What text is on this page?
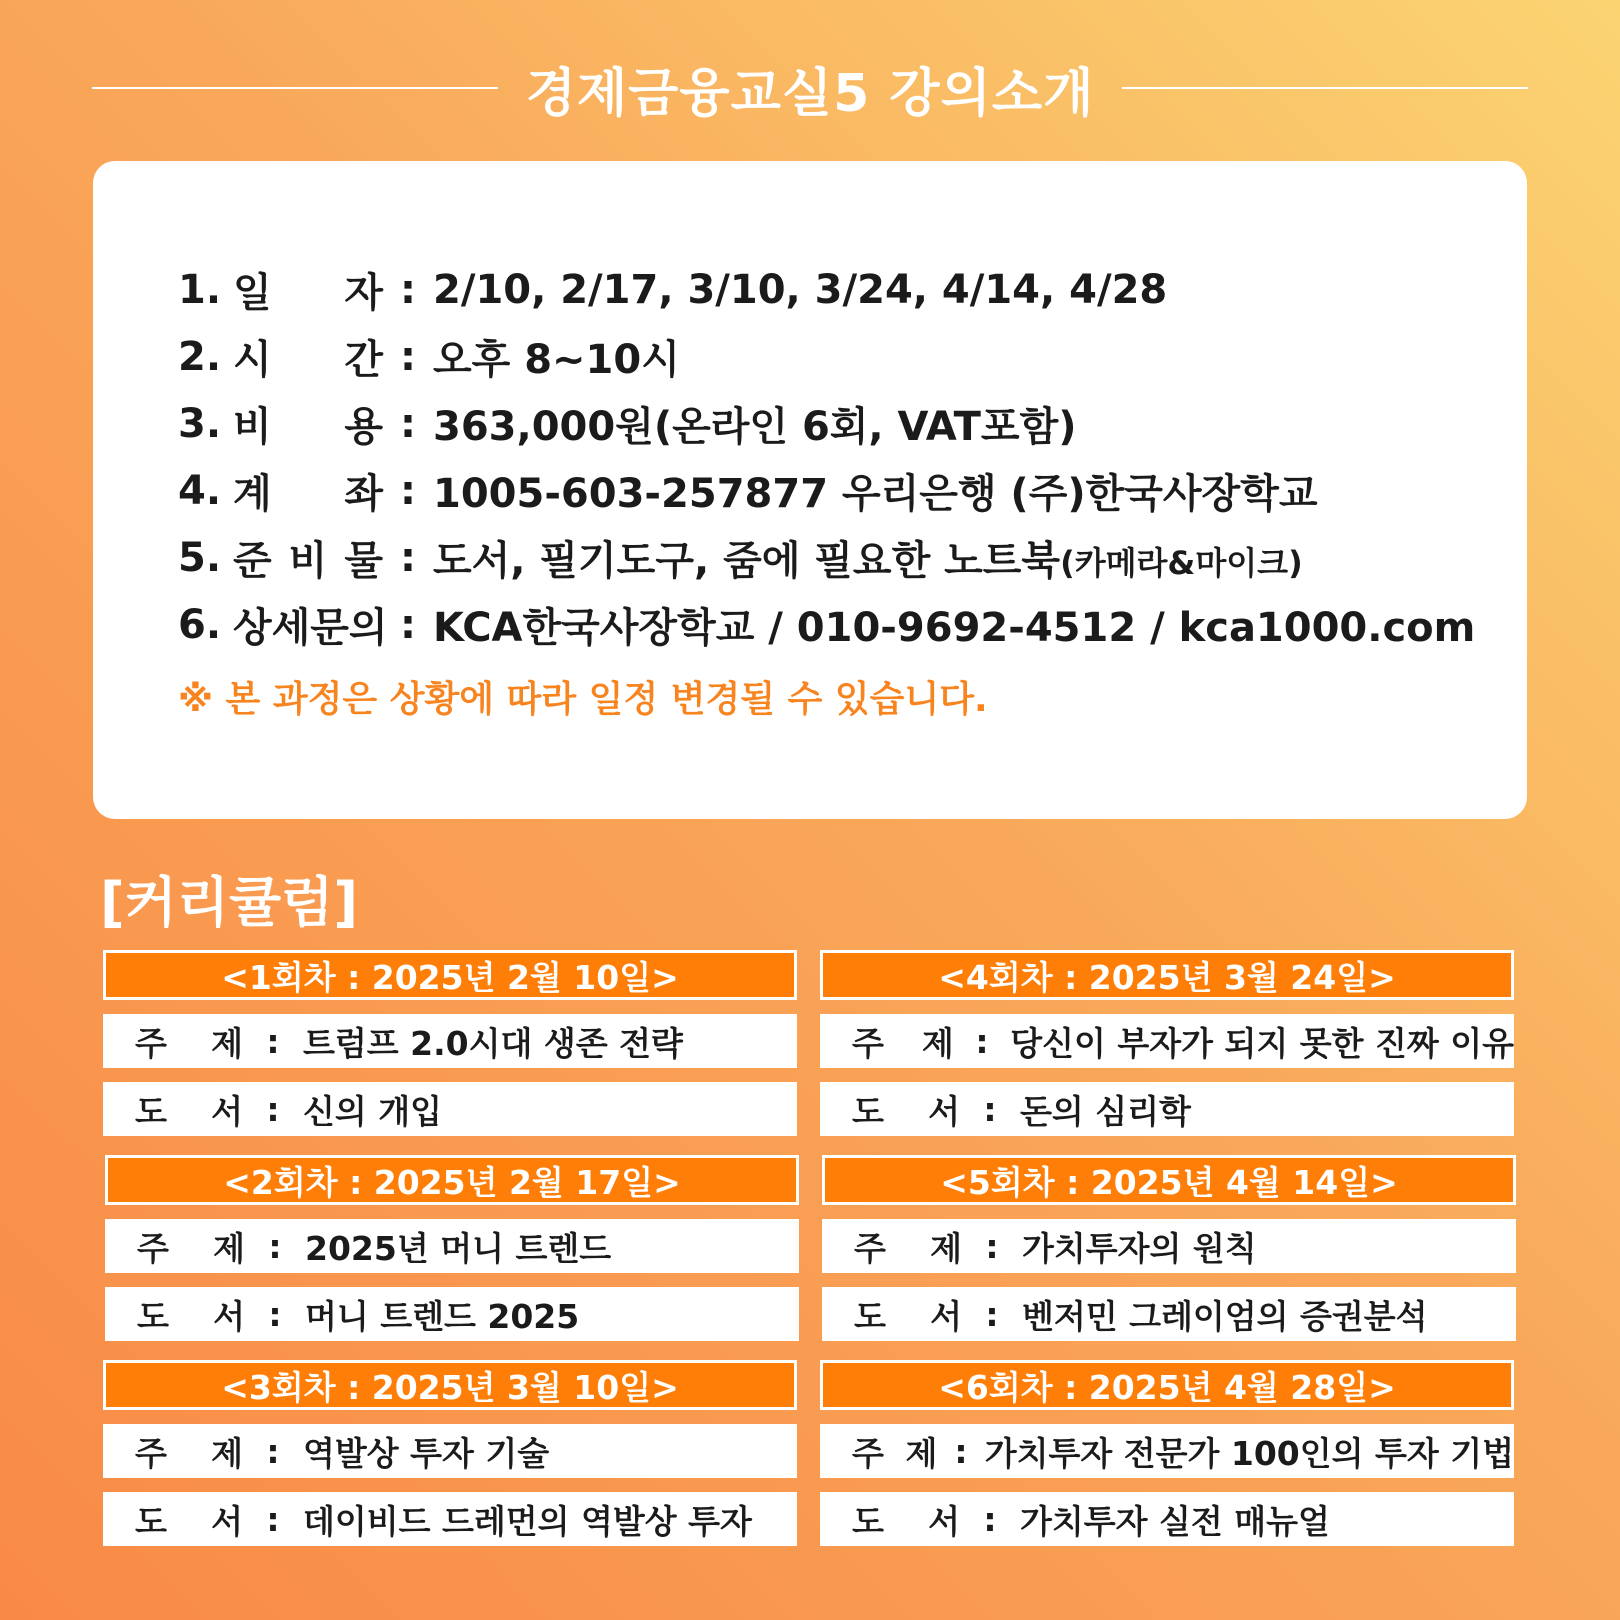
경제금융교실5 강의소개
1. 일 자 : 2/10, 2/17, 3/10, 3/24, 4/14, 4/28
2. 시 간 : 오후 8~10시
3. 비 용 : 363,000원(온라인 6회, VAT포함)
4. 계 좌 : 1005-603-257877 우리은행 (주)한국사장학교
5. 준 비 물 : 도서, 필기도구, 줌에 필요한 노트북(카메라&마이크)
6. 상세문의 : KCA한국사장학교 / 010-9692-4512 / kca1000.com
※ 본 과정은 상황에 따라 일정 변경될 수 있습니다.
[커리큘럼]
<1회차 : 2025년 2월 10일>
주 제 : 트럼프 2.0시대 생존 전략
도 서 : 신의 개입
<2회차 : 2025년 2월 17일>
주 제 : 2025년 머니 트렌드
도 서 : 머니 트렌드 2025
<3회차 : 2025년 3월 10일>
주 제 : 역발상 투자 기술
도 서 : 데이비드 드레먼의 역발상 투자
<4회차 : 2025년 3월 24일>
주 제 : 당신이 부자가 되지 못한 진짜 이유
도 서 : 돈의 심리학
<5회차 : 2025년 4월 14일>
주 제 : 가치투자의 원칙
도 서 : 벤저민 그레이엄의 증권분석
<6회차 : 2025년 4월 28일>
주 제 : 가치투자 전문가 100인의 투자 기법
도 서 : 가치투자 실전 매뉴얼
